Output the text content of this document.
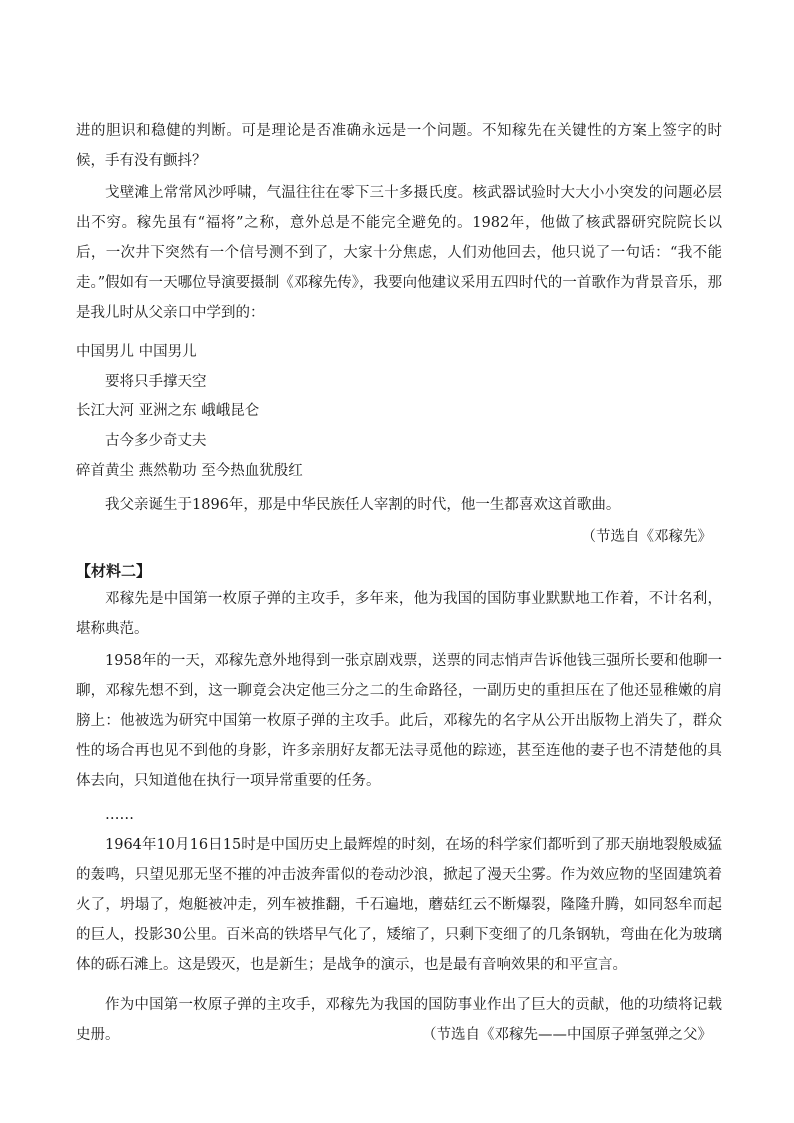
进的胆识和稳健的判断。可是理论是否准确永远是一个问题。不知稼先在关键性的方案上签字的时候，手有没有颤抖？

戈壁滩上常常风沙呼啸，气温往往在零下三十多摄氏度。核武器试验时大大小小突发的问题必层出不穷。稼先虽有“福将”之称，意外总是不能完全避免的。1982年，他做了核武器研究院院长以后，一次井下突然有一个信号测不到了，大家十分焦虑，人们劝他回去，他只说了一句话：“我不能走。” 假如有一天哪位导演要摄制《邓稼先传》，我要向他建议采用五四时代的一首歌作为背景音乐，那是我儿时从父亲口中学到的：

中国男儿 中国男儿

要将只手撑天空

长江大河 亚洲之东 峨峨昆仑

古今多少奇丈夫

碎首黄尘 燕然勒功 至今热血犹殷红

我父亲诞生于1896年，那是中华民族任人宰割的时代，他一生都喜欢这首歌曲。

（节选自《邓稼先》
【材料二】

邓稼先是中国第一枚原子弹的主攻手，多年来，他为我国的国防事业默默地工作着，不计名利，堪称典范。

1958年的一天，邓稼先意外地得到一张京剧戏票，送票的同志悄声告诉他钱三强所长要和他聊一聊，邓稼先想不到，这一聊竟会决定他三分之二的生命路径，一副历史的重担压在了他还显稚嫩的肩膀上：他被选为研究中国第一枚原子弹的主攻手。此后，邓稼先的名字从公开出版物上消失了，群众性的场合再也见不到他的身影，许多亲朋好友都无法寻觅他的踪迹，甚至连他的妻子也不清楚他的具体去向，只知道他在执行一项异常重要的任务。

……

1964年10月16日15时是中国历史上最辉煌的时刻，在场的科学家们都听到了那天崩地裂般威猛的轰鸣，只望见那无坚不摧的冲击波奔雷似的卷动沙浪，掀起了漫天尘雾。作为效应物的坚固建筑着火了，坍塌了，炮艇被冲走，列车被推翻，千石遍地，蘑菇红云不断爆裂，隆隆升腾，如同怒牟而起的巨人，投影30公里。百米高的铁塔早气化了，矮缩了，只剩下变细了的几条钢轨，弯曲在化为玻璃体的砾石滩上。这是毁灭，也是新生；是战争的演示，也是最有音响效果的和平宣言。

作为中国第一枚原子弹的主攻手，邓稼先为我国的国防事业作出了巨大的贡献，他的功绩将记载史册。	（节选自《邓稼先——中国原子弹氢弹之父》
